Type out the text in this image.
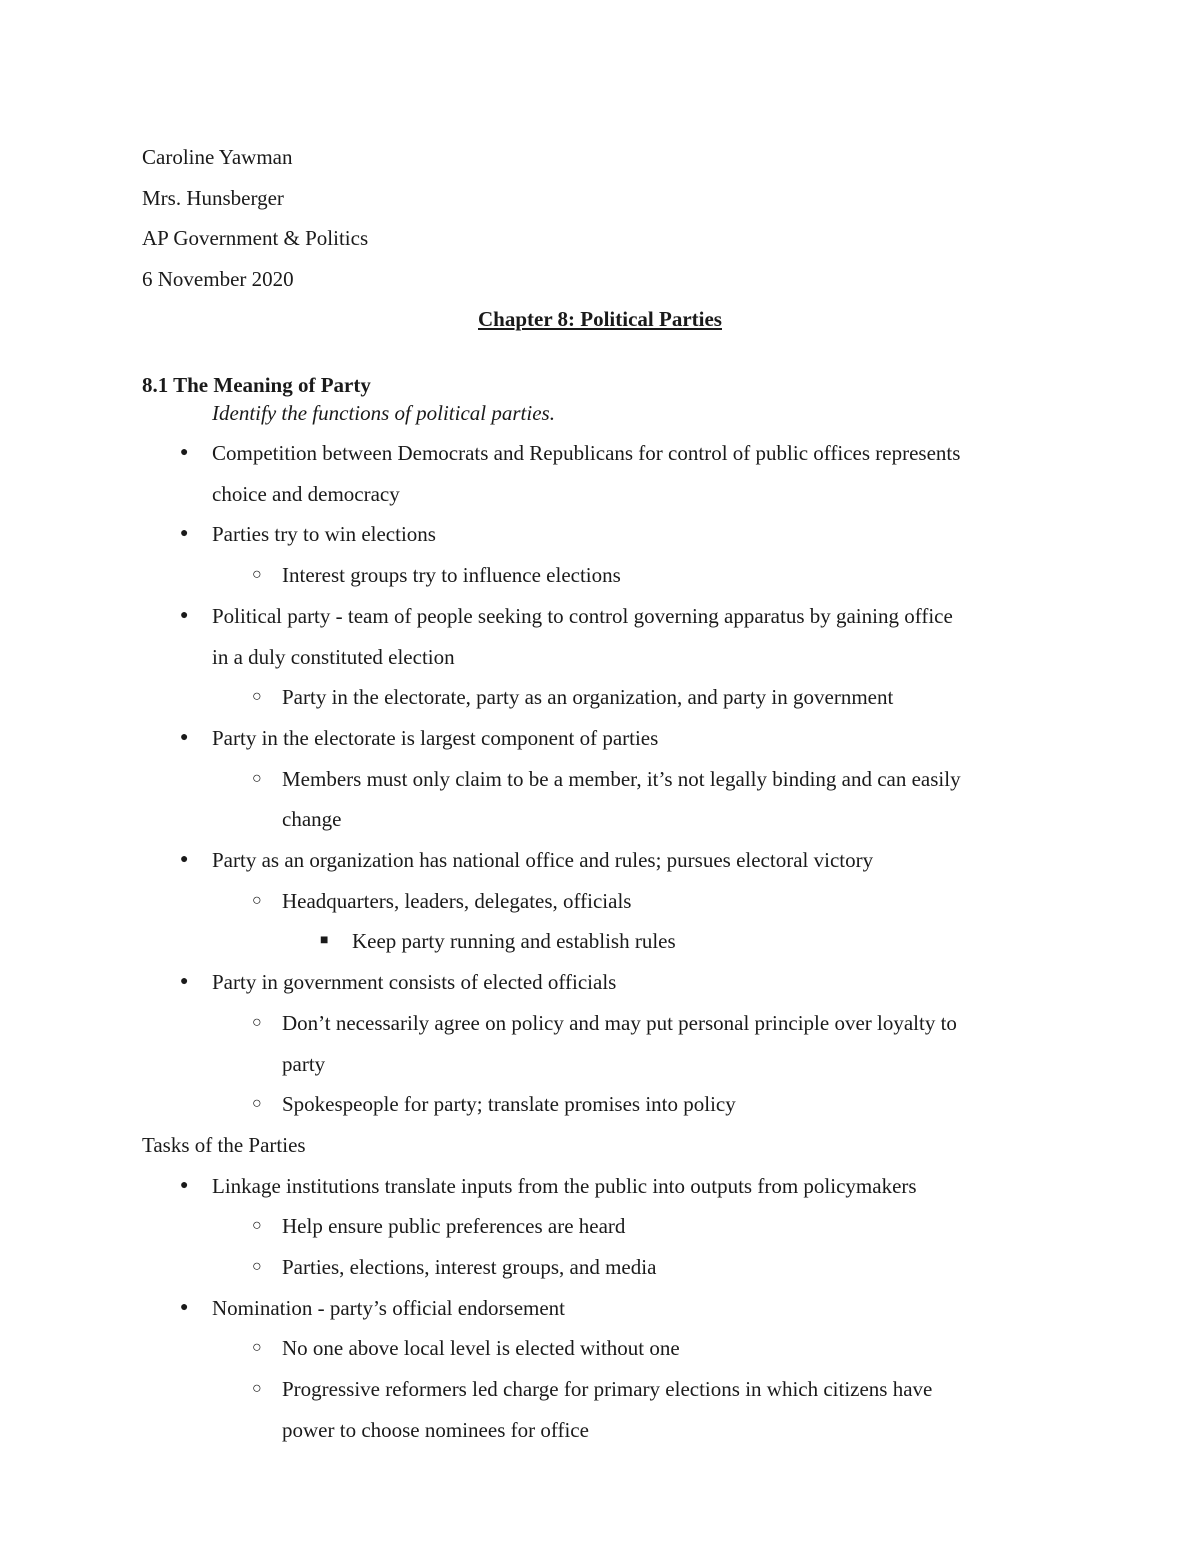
Caroline Yawman
Mrs. Hunsberger
AP Government & Politics
6 November 2020
Chapter 8: Political Parties
8.1 The Meaning of Party
Identify the functions of political parties.
● Competition between Democrats and Republicans for control of public offices represents
choice and democracy
● Parties try to win elections
○ Interest groups try to influence elections
● Political party - team of people seeking to control governing apparatus by gaining office
in a duly constituted election
○ Party in the electorate, party as an organization, and party in government
● Party in the electorate is largest component of parties
○ Members must only claim to be a member, it’s not legally binding and can easily
change
● Party as an organization has national office and rules; pursues electoral victory
○ Headquarters, leaders, delegates, officials
■ Keep party running and establish rules
● Party in government consists of elected officials
○ Don’t necessarily agree on policy and may put personal principle over loyalty to
party
○ Spokespeople for party; translate promises into policy
Tasks of the Parties
● Linkage institutions translate inputs from the public into outputs from policymakers
○ Help ensure public preferences are heard
○ Parties, elections, interest groups, and media
● Nomination - party’s official endorsement
○ No one above local level is elected without one
○ Progressive reformers led charge for primary elections in which citizens have
power to choose nominees for office
